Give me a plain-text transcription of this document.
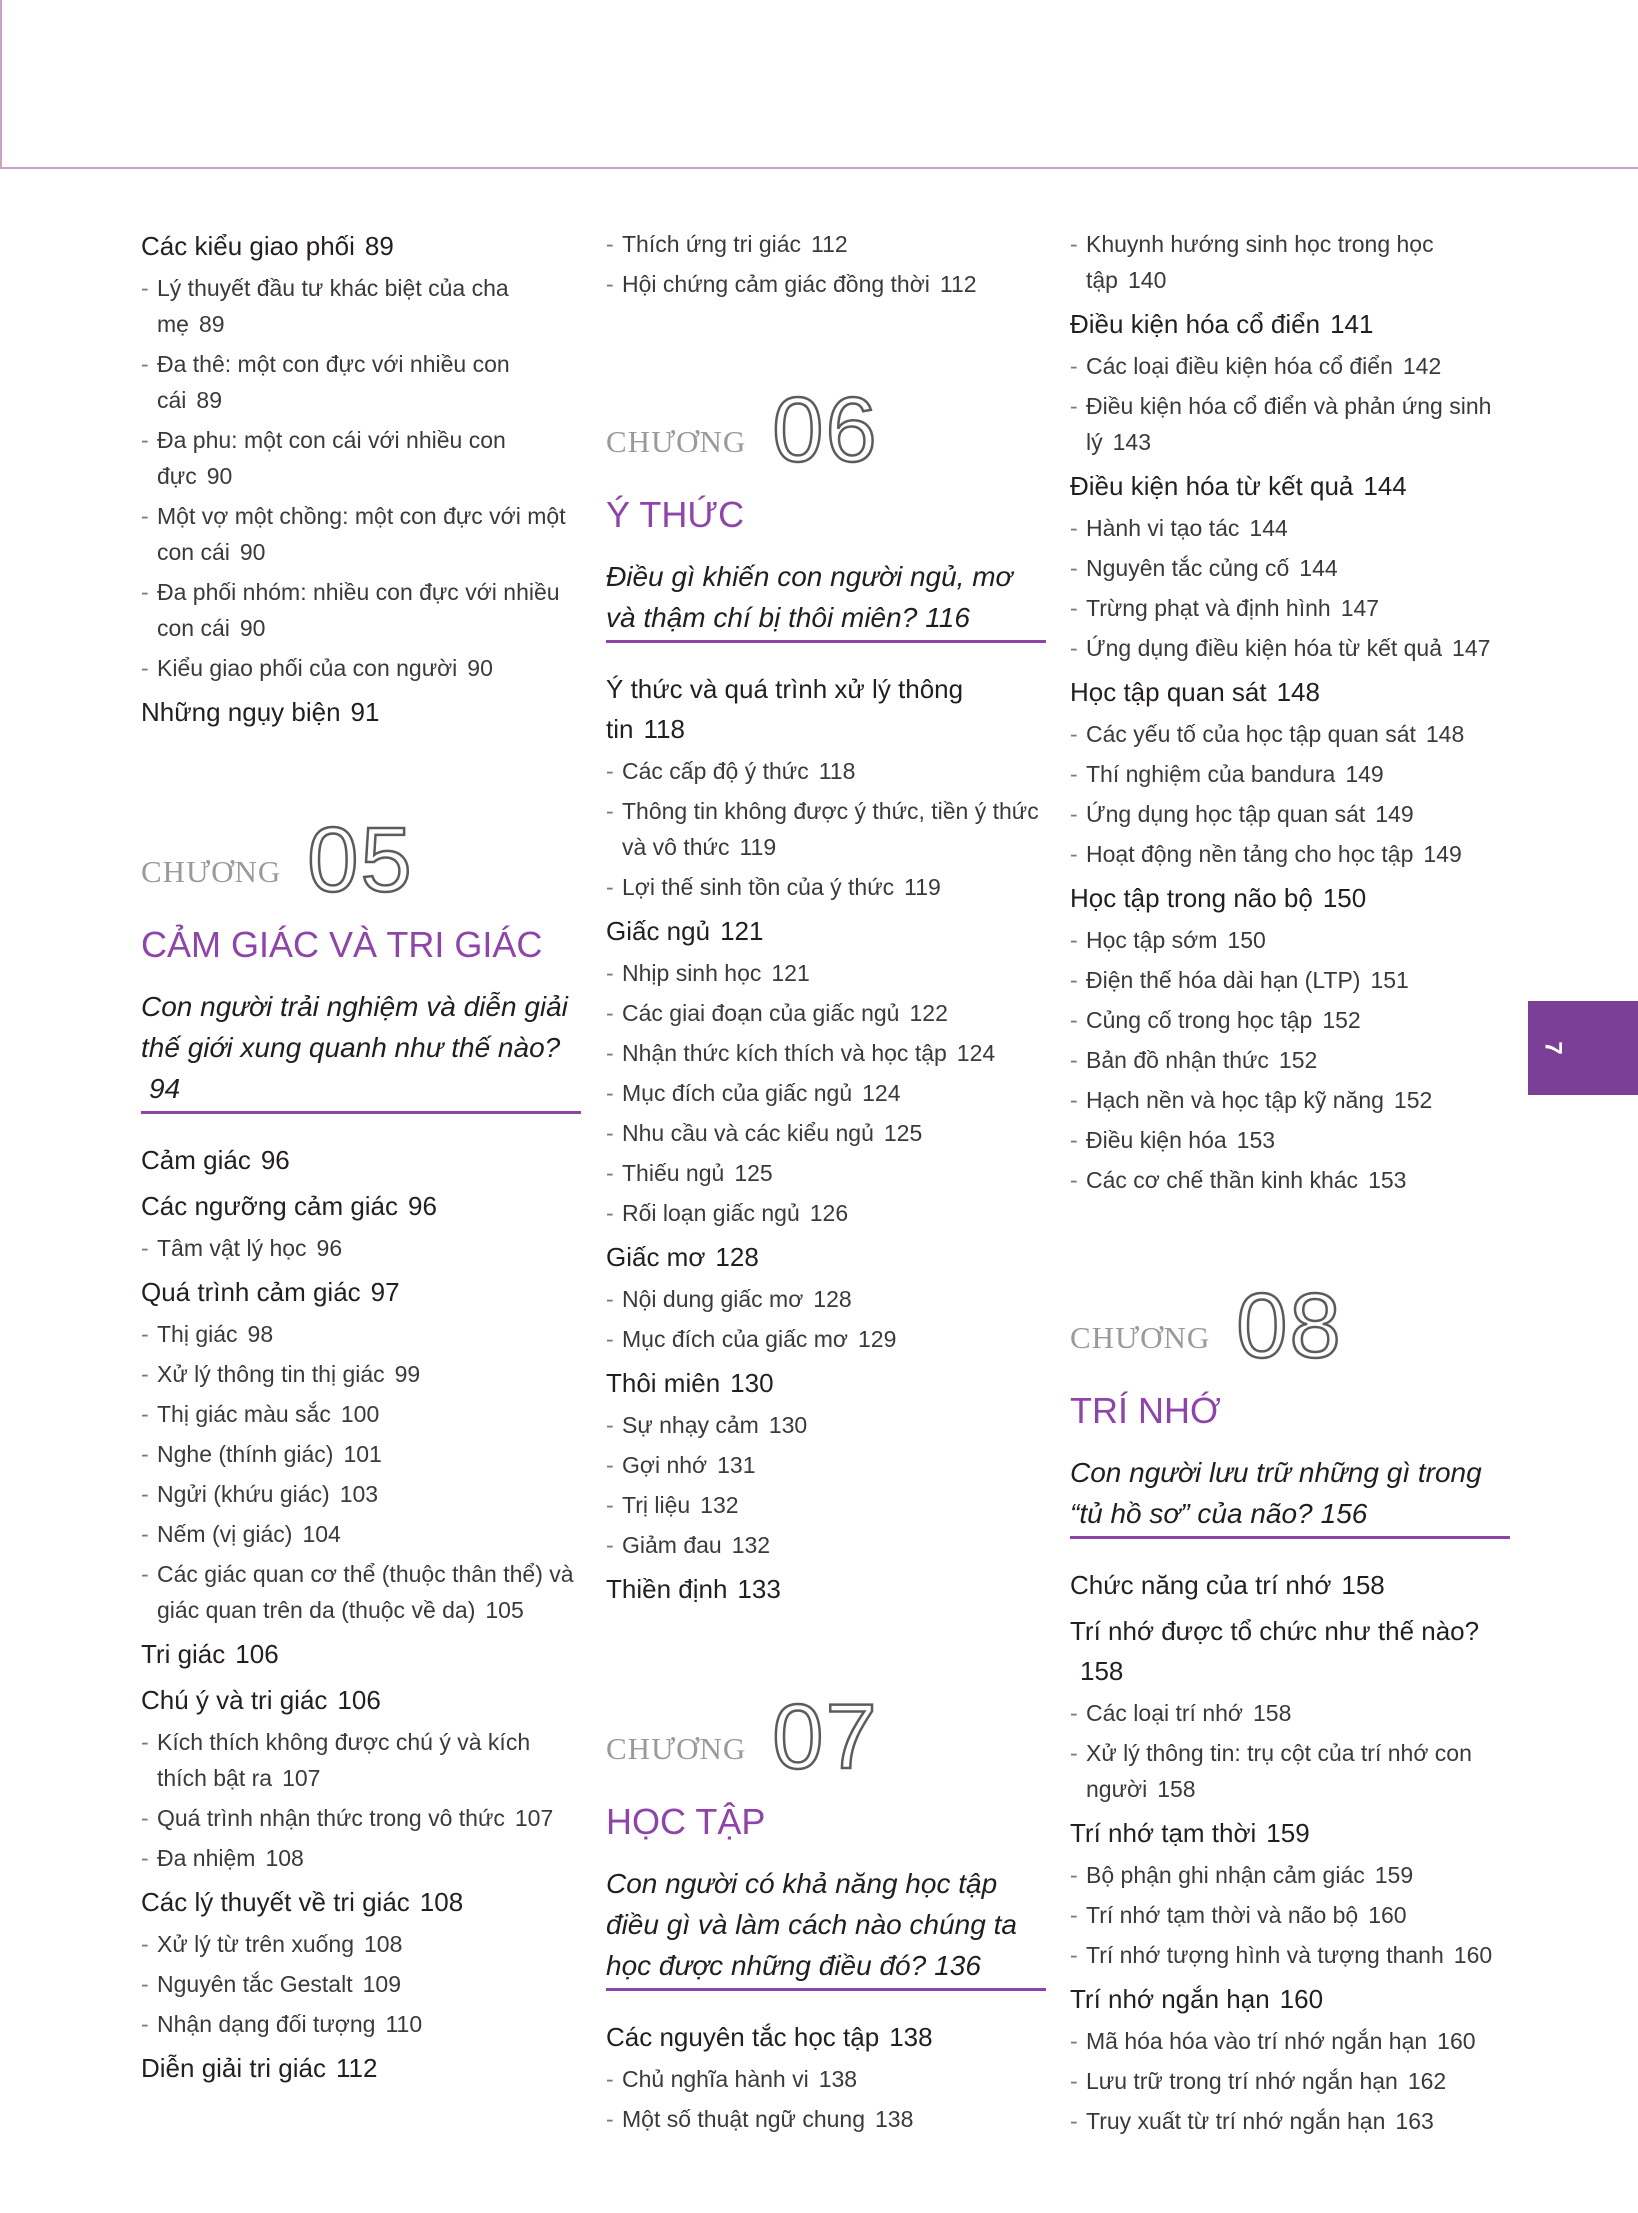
Các kiểu giao phối 89

- Lý thuyết đầu tư khác biệt của cha mẹ 89

- Đa thê: một con đực với nhiều con cái 89

- Đa phu: một con cái với nhiều con đực 90

- Một vợ một chồng: một con đực với một con cái 90

- Đa phối nhóm: nhiều con đực với nhiều con cái 90

- Kiểu giao phối của con người 90

Những ngụy biện 91

CHƯƠNG 05
CẢM GIÁC VÀ TRI GIÁC
Con người trải nghiệm và diễn giải thế giới xung quanh như thế nào?94

Cảm giác 96

Các ngưỡng cảm giác 96

- Tâm vật lý học 96

Quá trình cảm giác 97

- Thị giác 98

- Xử lý thông tin thị giác 99

- Thị giác màu sắc 100

- Nghe (thính giác) 101

- Ngửi (khứu giác) 103

- Nếm (vị giác) 104

- Các giác quan cơ thể (thuộc thân thể) và giác quan trên da (thuộc về da) 105

Tri giác 106

Chú ý và tri giác 106

- Kích thích không được chú ý và kích thích bật ra 107

- Quá trình nhận thức trong vô thức 107

- Đa nhiệm 108

Các lý thuyết về tri giác 108

- Xử lý từ trên xuống 108

- Nguyên tắc Gestalt 109

- Nhận dạng đối tượng 110

Diễn giải tri giác 112

- Thích ứng tri giác 112

- Hội chứng cảm giác đồng thời 112

CHƯƠNG 06
Ý THỨC
Điều gì khiến con người ngủ, mơ và thậm chí bị thôi miên? 116

Ý thức và quá trình xử lý thông tin 118

- Các cấp độ ý thức 118

- Thông tin không được ý thức, tiền ý thức và vô thức 119

- Lợi thế sinh tồn của ý thức 119

Giấc ngủ 121

- Nhịp sinh học 121

- Các giai đoạn của giấc ngủ 122

- Nhận thức kích thích và học tập 124

- Mục đích của giấc ngủ 124

- Nhu cầu và các kiểu ngủ 125

- Thiếu ngủ 125

- Rối loạn giấc ngủ 126

Giấc mơ 128

- Nội dung giấc mơ 128

- Mục đích của giấc mơ 129

Thôi miên 130

- Sự nhạy cảm 130

- Gợi nhớ 131

- Trị liệu 132

- Giảm đau 132

Thiền định 133

CHƯƠNG 07
HỌC TẬP
Con người có khả năng học tập điều gì và làm cách nào chúng ta học được những điều đó? 136

Các nguyên tắc học tập 138

- Chủ nghĩa hành vi 138

- Một số thuật ngữ chung 138

- Khuynh hướng sinh học trong học tập 140

Điều kiện hóa cổ điển 141

- Các loại điều kiện hóa cổ điển 142

- Điều kiện hóa cổ điển và phản ứng sinh lý 143

Điều kiện hóa từ kết quả 144

- Hành vi tạo tác 144

- Nguyên tắc củng cố 144

- Trừng phạt và định hình 147

- Ứng dụng điều kiện hóa từ kết quả 147

Học tập quan sát 148

- Các yếu tố của học tập quan sát 148

- Thí nghiệm của bandura 149

- Ứng dụng học tập quan sát 149

- Hoạt động nền tảng cho học tập 149

Học tập trong não bộ 150

- Học tập sớm 150

- Điện thế hóa dài hạn (LTP) 151

- Củng cố trong học tập 152

- Bản đồ nhận thức 152

- Hạch nền và học tập kỹ năng 152

- Điều kiện hóa 153

- Các cơ chế thần kinh khác 153

CHƯƠNG 08
TRÍ NHỚ
Con người lưu trữ những gì trong “tủ hồ sơ” của não? 156

Chức năng của trí nhớ 158

Trí nhớ được tổ chức như thế nào?158

- Các loại trí nhớ 158

- Xử lý thông tin: trụ cột của trí nhớ con người 158

Trí nhớ tạm thời 159

- Bộ phận ghi nhận cảm giác 159

- Trí nhớ tạm thời và não bộ 160

- Trí nhớ tượng hình và tượng thanh 160

Trí nhớ ngắn hạn 160

- Mã hóa hóa vào trí nhớ ngắn hạn 160

- Lưu trữ trong trí nhớ ngắn hạn 162

- Truy xuất từ trí nhớ ngắn hạn 163

7
